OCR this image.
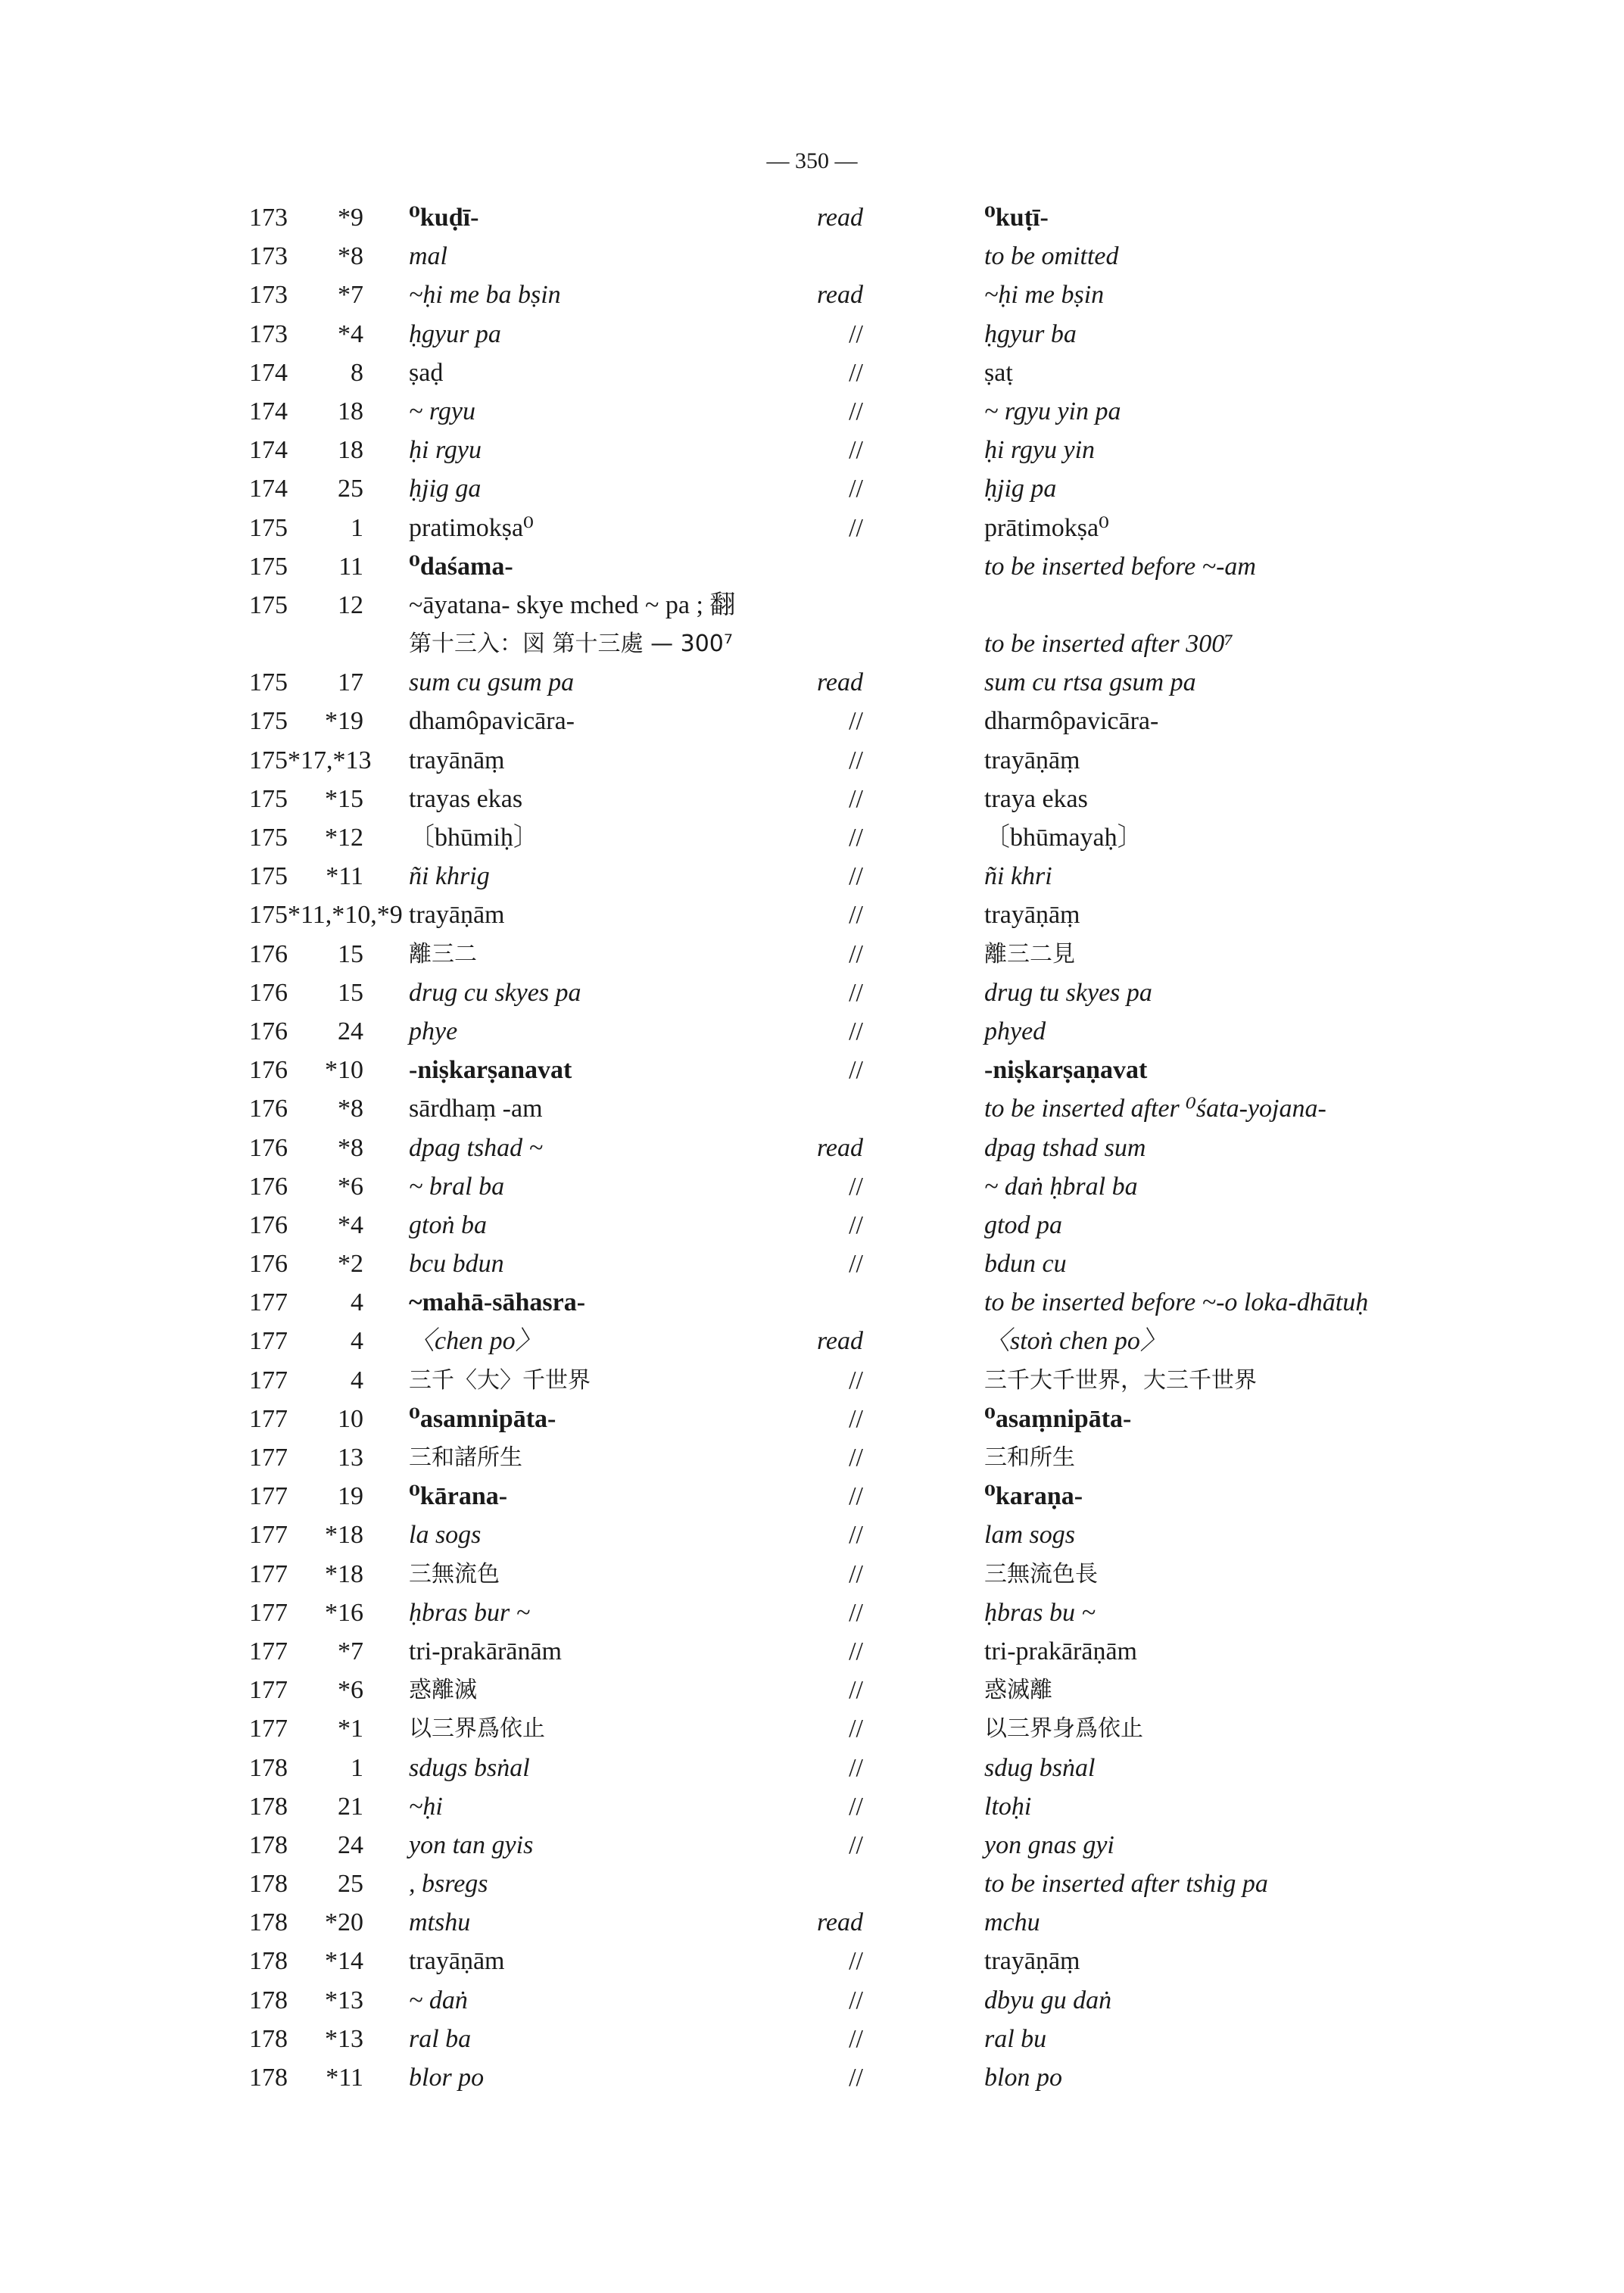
— 350 —
173	*9 ⁰kuḍī-	read	⁰kuṭī-
173	*8 mal	to be omitted
173	*7 ~ḥi me ba bṣin	read	~ḥi me bṣin
173	*4 ḥgyur pa	//	ḥgyur ba
174	8 ṣaḍ	//	ṣaṭ
174	18 ~ rgyu	//	~ rgyu yin pa
174	18 ḥi rgyu	//	ḥi rgyu yin
174	25 ḥjig ga	//	ḥjig pa
175	1 pratimokṣa⁰	//	prātimokṣa⁰
175	11 ⁰daśama-	to be inserted before ~-am
175	12 ~āyatana- skye mched ~ pa ; 翻
第十三入：図 第十三處 — 300⁷	to be inserted after 300⁷
175	17 sum cu gsum pa	read	sum cu rtsa gsum pa
175	*19 dhamôpavicāra-	//	dharmôpavicāra-
175 *17,*13 trayānāṃ	//	trayāṇāṃ
175	*15 trayas ekas	//	traya ekas
175	*12 〔bhūmiḥ〕	//	〔bhūmayaḥ〕
175	*11 ñi khrig	//	ñi khri
175 *11,*10,*9 trayāṇām	//	trayāṇāṃ
176	15 離三二	//	離三二見
176	15 drug cu skyes pa	//	drug tu skyes pa
176	24 phye	//	phyed
176	*10 -niṣkarṣanavat	//	-niṣkarṣaṇavat
176	*8 sārdhaṃ -am	to be inserted after ⁰śata-yojana-
176	*8 dpag tshad ~	read	dpag tshad sum
176	*6 ~ bral ba	//	~ daṅ ḥbral ba
176	*4 gtoṅ ba	//	gtod pa
176	*2 bcu bdun	//	bdun cu
177	4 ~mahā-sāhasra-	to be inserted before ~-o loka-dhātuḥ
177	4 〈chen po〉	read	〈stoṅ chen po〉
177	4 三千〈大〉千世界	//	三千大千世界，大三千世界
177	10 ⁰asamnipāta-	//	⁰asaṃnipāta-
177	13 三和諸所生	//	三和所生
177	19 ⁰kārana-	//	⁰karaṇa-
177	*18 la sogs	//	lam sogs
177	*18 三無流色	//	三無流色長
177	*16 ḥbras bur ~	//	ḥbras bu ~
177	*7 tri-prakārānām	//	tri-prakārāṇām
177	*6 惑離滅	//	惑滅離
177	*1 以三界爲依止	//	以三界身爲依止
178	1 sdugs bsṅal	//	sdug bsṅal
178	21 ~ḥi	//	ltoḥi
178	24 yon tan gyis	//	yon gnas gyi
178	25 , bsregs	to be inserted after tshig pa
178	*20 mtshu	read	mchu
178	*14 trayāṇām	//	trayāṇāṃ
178	*13 ~ daṅ	//	dbyu gu daṅ
178	*13 ral ba	//	ral bu
178	*11 blor po	//	blon po
